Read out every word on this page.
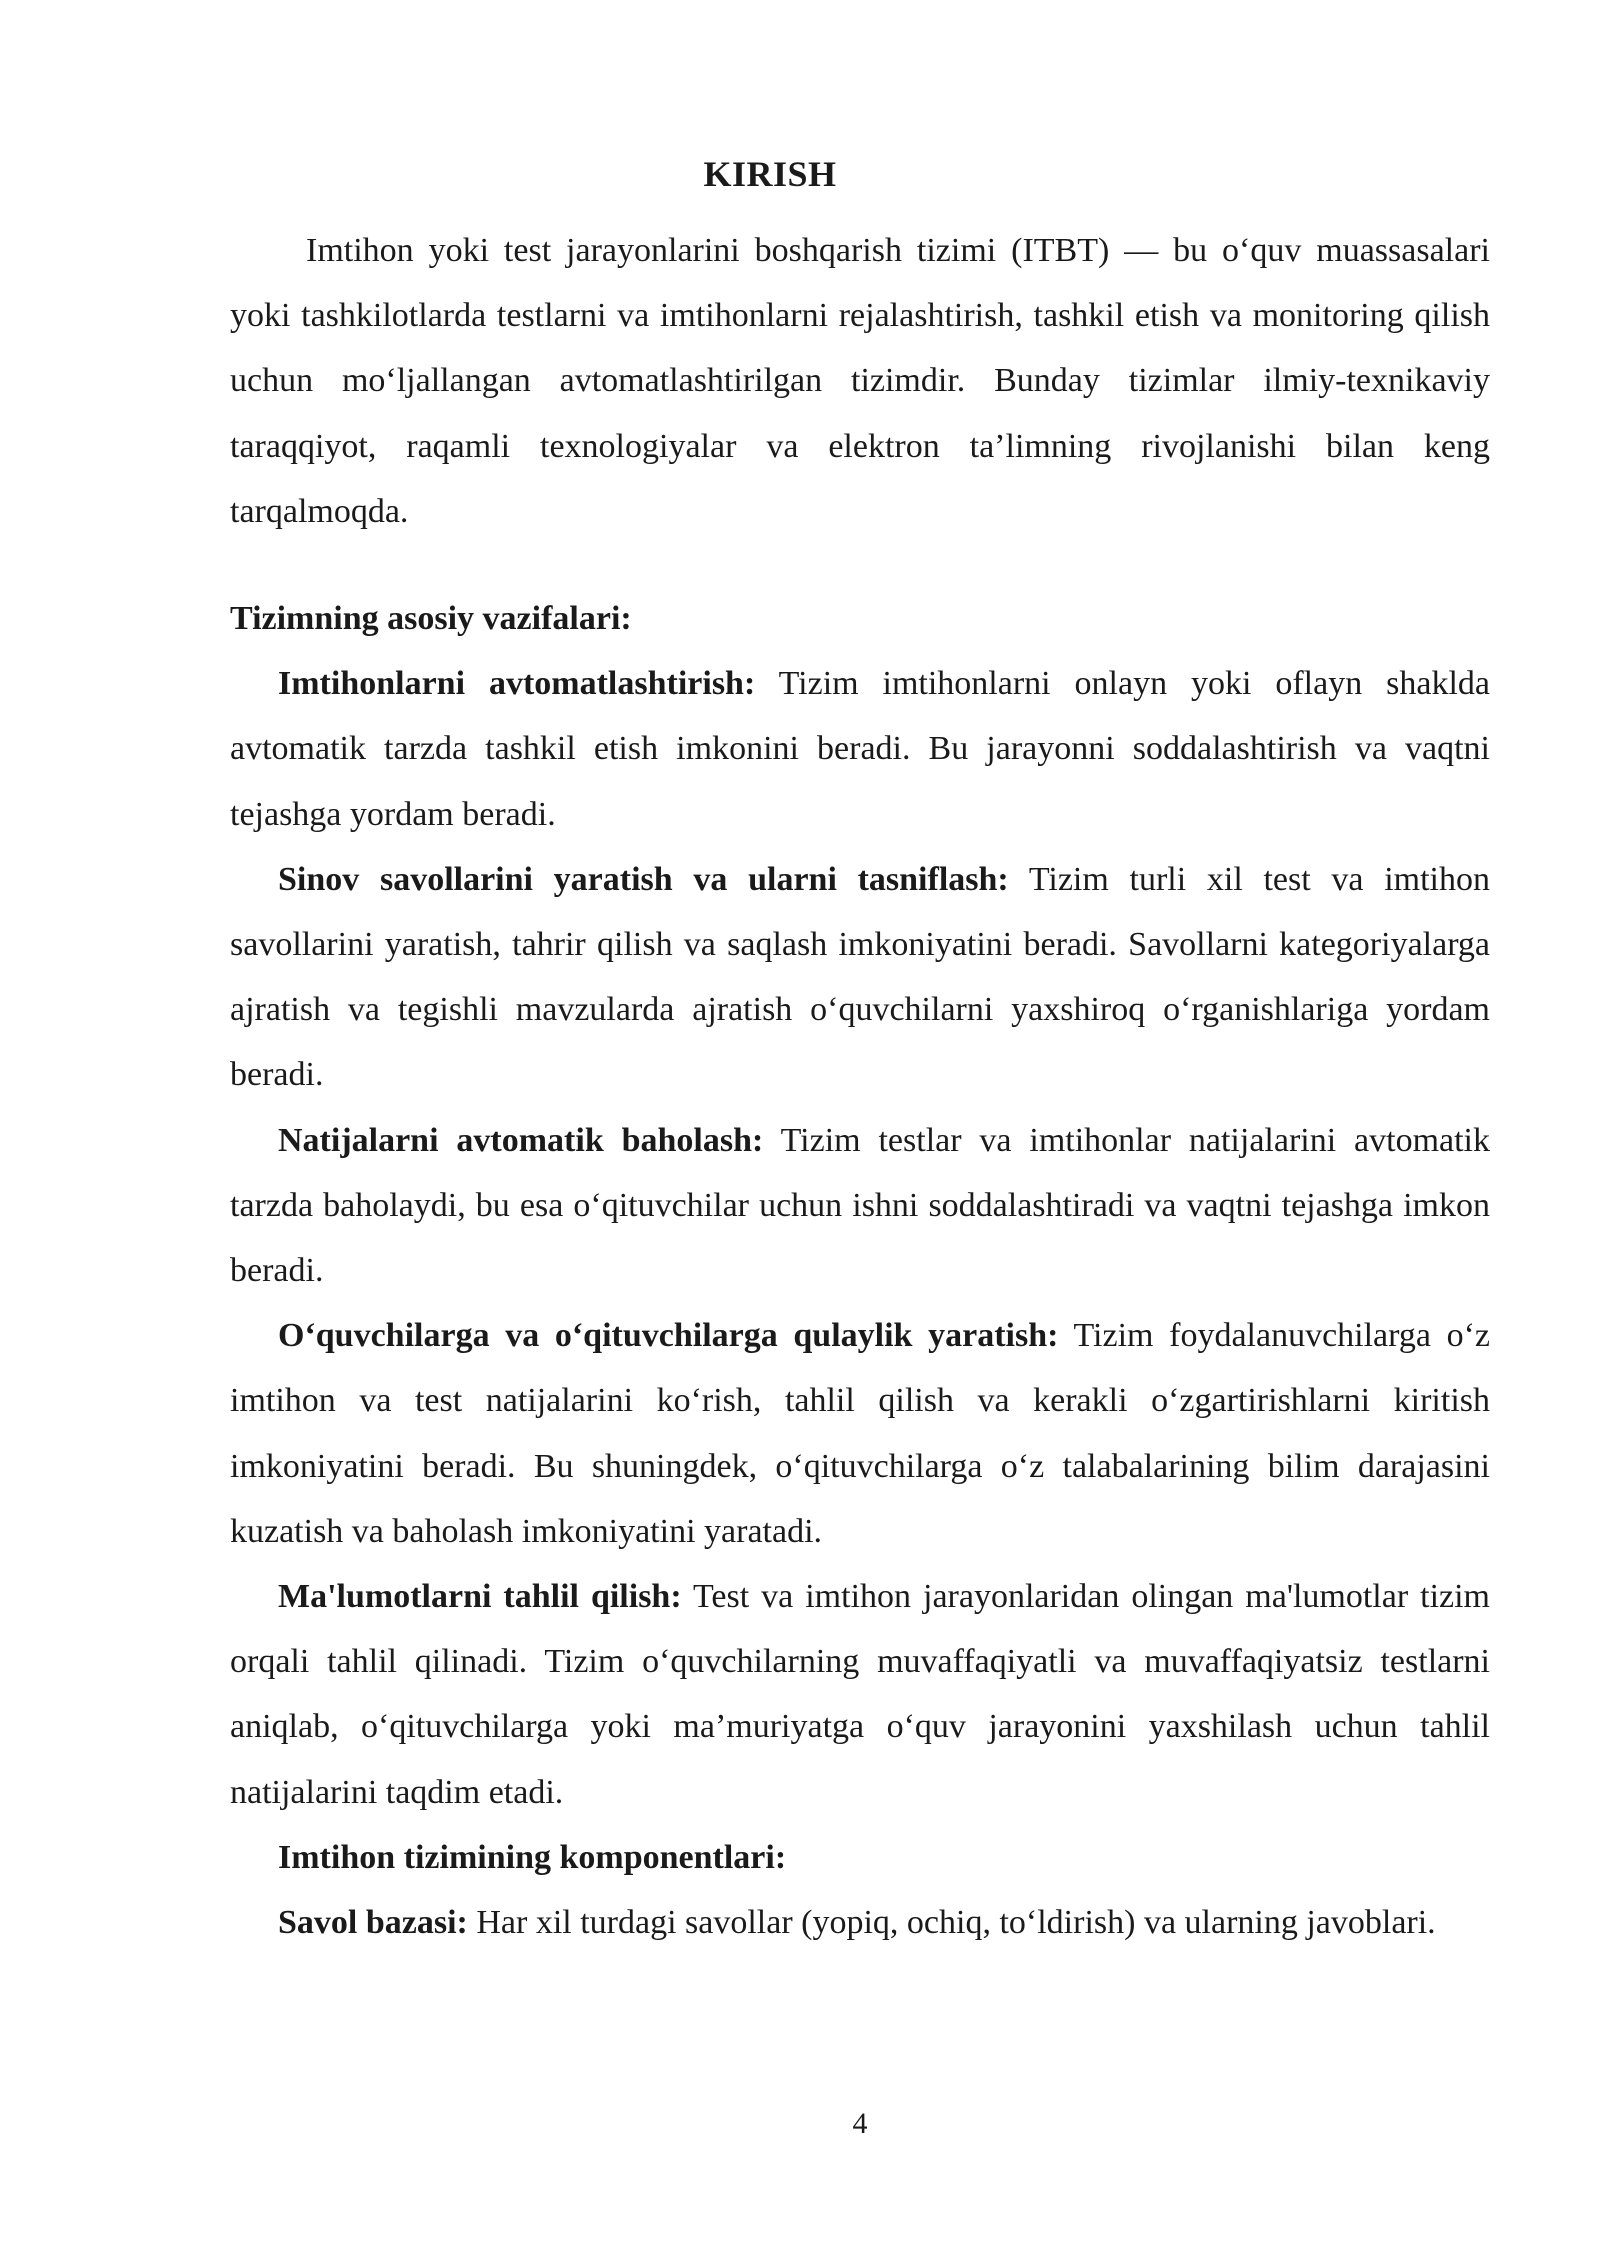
KIRISH

Imtihon yoki test jarayonlarini boshqarish tizimi (ITBT) — bu o‘quv muassasalari yoki tashkilotlarda testlarni va imtihonlarni rejalashtirish, tashkil etish va monitoring qilish uchun mo‘ljallangan avtomatlashtirilgan tizimdir. Bunday tizimlar ilmiy-texnikaviy taraqqiyot, raqamli texnologiyalar va elektron ta’limning rivojlanishi bilan keng tarqalmoqda.

Tizimning asosiy vazifalari:

Imtihonlarni avtomatlashtirish: Tizim imtihonlarni onlayn yoki oflayn shaklda avtomatik tarzda tashkil etish imkonini beradi. Bu jarayonni soddalashtirish va vaqtni tejashga yordam beradi.

Sinov savollarini yaratish va ularni tasniflash: Tizim turli xil test va imtihon savollarini yaratish, tahrir qilish va saqlash imkoniyatini beradi. Savollarni kategoriyalarga ajratish va tegishli mavzularda ajratish o‘quvchilarni yaxshiroq o‘rganishlariga yordam beradi.

Natijalarni avtomatik baholash: Tizim testlar va imtihonlar natijalarini avtomatik tarzda baholaydi, bu esa o‘qituvchilar uchun ishni soddalashtiradi va vaqtni tejashga imkon beradi.

O‘quvchilarga va o‘qituvchilarga qulaylik yaratish: Tizim foydalanuvchilarga o‘z imtihon va test natijalarini ko‘rish, tahlil qilish va kerakli o‘zgartirishlarni kiritish imkoniyatini beradi. Bu shuningdek, o‘qituvchilarga o‘z talabalarining bilim darajasini kuzatish va baholash imkoniyatini yaratadi.

Ma'lumotlarni tahlil qilish: Test va imtihon jarayonlaridan olingan ma'lumotlar tizim orqali tahlil qilinadi. Tizim o‘quvchilarning muvaffaqiyatli va muvaffaqiyatsiz testlarni aniqlab, o‘qituvchilarga yoki ma’muriyatga o‘quv jarayonini yaxshilash uchun tahlil natijalarini taqdim etadi.

Imtihon tizimining komponentlari:

Savol bazasi: Har xil turdagi savollar (yopiq, ochiq, to‘ldirish) va ularning javoblari.

4
